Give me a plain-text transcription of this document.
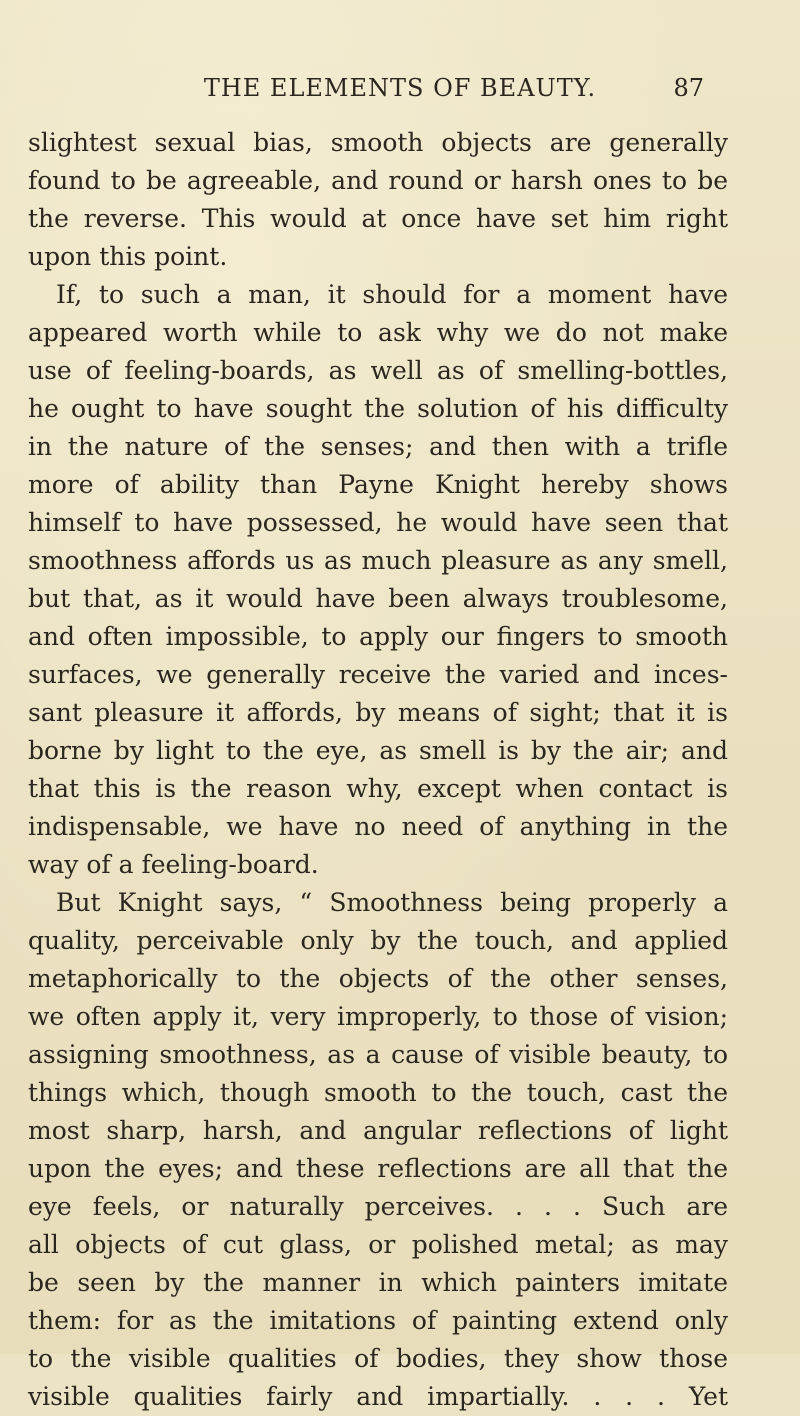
THE ELEMENTS OF BEAUTY.	87
slightest sexual bias, smooth objects are generally
found to be agreeable, and round or harsh ones to be
the reverse. This would at once have set him right
upon this point.
If, to such a man, it should for a moment have
appeared worth while to ask why we do not make
use of feeling-boards, as well as of smelling-bottles,
he ought to have sought the solution of his difficulty
in the nature of the senses; and then with a trifle
more of ability than Payne Knight hereby shows
himself to have possessed, he would have seen that
smoothness affords us as much pleasure as any smell,
but that, as it would have been always troublesome,
and often impossible, to apply our fingers to smooth
surfaces, we generally receive the varied and inces-
sant pleasure it affords, by means of sight; that it is
borne by light to the eye, as smell is by the air; and
that this is the reason why, except when contact is
indispensable, we have no need of anything in the
way of a feeling-board.
But Knight says, “ Smoothness being properly a
quality, perceivable only by the touch, and applied
metaphorically to the objects of the other senses,
we often apply it, very improperly, to those of vision;
assigning smoothness, as a cause of visible beauty, to
things which, though smooth to the touch, cast the
most sharp, harsh, and angular reflections of light
upon the eyes; and these reflections are all that the
eye feels, or naturally perceives. . . . Such are
all objects of cut glass, or polished metal; as may
be seen by the manner in which painters imitate
them: for as the imitations of painting extend only
to the visible qualities of bodies, they show those
visible qualities fairly and impartially. . . . Yet
